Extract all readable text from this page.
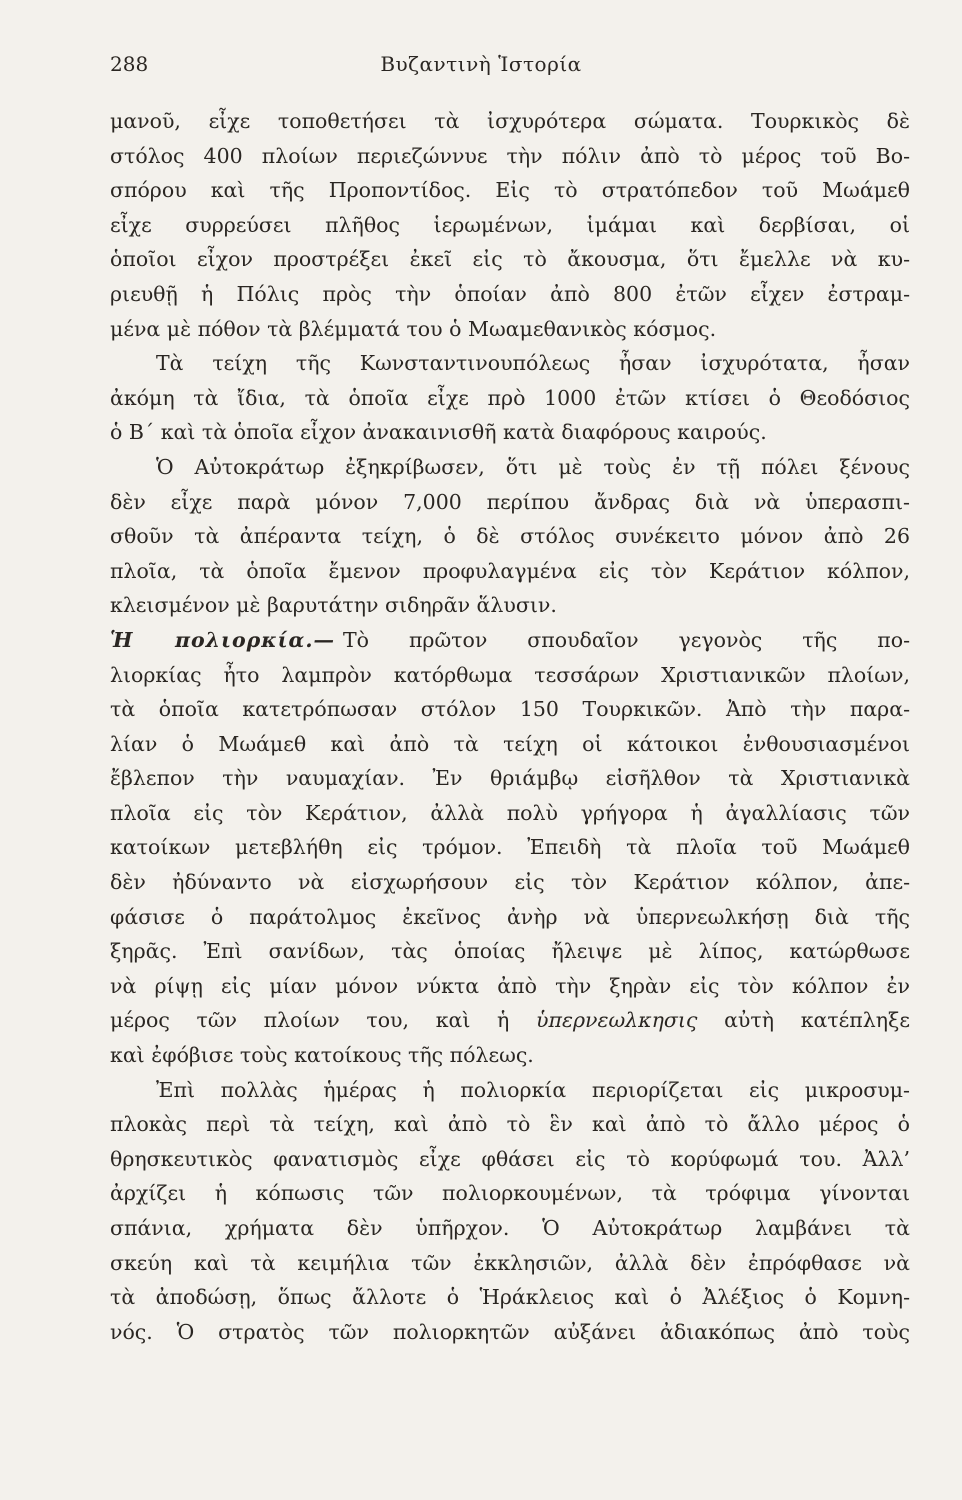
288	Βυζαντινὴ Ἱστορία
μανοῦ, εἶχε τοποθετήσει τὰ ἰσχυρότερα σώματα. Τουρκικὸς δὲ
στόλος 400 πλοίων περιεζώννυε τὴν πόλιν ἀπὸ τὸ μέρος τοῦ Βο-
σπόρου καὶ τῆς Προποντίδος. Εἰς τὸ στρατόπεδον τοῦ Μωάμεθ
εἶχε συρρεύσει πλῆθος ἱερωμένων, ἱμάμαι καὶ δερβίσαι, οἱ
ὁποῖοι εἶχον προστρέξει ἐκεῖ εἰς τὸ ἄκουσμα, ὅτι ἔμελλε νὰ κυ-
ριευθῇ ἡ Πόλις πρὸς τὴν ὁποίαν ἀπὸ 800 ἐτῶν εἶχεν ἐστραμ-
μένα μὲ πόθον τὰ βλέμματά του ὁ Μωαμεθανικὸς κόσμος.
Τὰ τείχη τῆς Κωνσταντινουπόλεως ἦσαν ἰσχυρότατα, ἦσαν
ἀκόμη τὰ ἴδια, τὰ ὁποῖα εἶχε πρὸ 1000 ἐτῶν κτίσει ὁ Θεοδόσιος
ὁ Β΄ καὶ τὰ ὁποῖα εἶχον ἀνακαινισθῆ κατὰ διαφόρους καιρούς.
Ὁ Αὐτοκράτωρ ἐξηκρίβωσεν, ὅτι μὲ τοὺς ἐν τῇ πόλει ξένους
δὲν εἶχε παρὰ μόνον 7,000 περίπου ἄνδρας διὰ νὰ ὑπερασπι-
σθοῦν τὰ ἀπέραντα τείχη, ὁ δὲ στόλος συνέκειτο μόνον ἀπὸ 26
πλοῖα, τὰ ὁποῖα ἔμενον προφυλαγμένα εἰς τὸν Κεράτιον κόλπον,
κλεισμένον μὲ βαρυτάτην σιδηρᾶν ἅλυσιν.
Ἡ πολιορκία.— Τὸ πρῶτον σπουδαῖον γεγονὸς τῆς πο-
λιορκίας ἦτο λαμπρὸν κατόρθωμα τεσσάρων Χριστιανικῶν πλοίων,
τὰ ὁποῖα κατετρόπωσαν στόλον 150 Τουρκικῶν. Ἀπὸ τὴν παρα-
λίαν ὁ Μωάμεθ καὶ ἀπὸ τὰ τείχη οἱ κάτοικοι ἐνθουσιασμένοι
ἔβλεπον τὴν ναυμαχίαν. Ἐν θριάμβῳ εἰσῆλθον τὰ Χριστιανικὰ
πλοῖα εἰς τὸν Κεράτιον, ἀλλὰ πολὺ γρήγορα ἡ ἀγαλλίασις τῶν
κατοίκων μετεβλήθη εἰς τρόμον. Ἐπειδὴ τὰ πλοῖα τοῦ Μωάμεθ
δὲν ἠδύναντο νὰ εἰσχωρήσουν εἰς τὸν Κεράτιον κόλπον, ἀπε-
φάσισε ὁ παράτολμος ἐκεῖνος ἀνὴρ νὰ ὑπερνεωλκήσῃ διὰ τῆς
ξηρᾶς. Ἐπὶ σανίδων, τὰς ὁποίας ἤλειψε μὲ λίπος, κατώρθωσε
νὰ ρίψῃ εἰς μίαν μόνον νύκτα ἀπὸ τὴν ξηρὰν εἰς τὸν κόλπον ἐν
μέρος τῶν πλοίων του, καὶ ἡ ὑπερνεωλκησις αὐτὴ κατέπληξε
καὶ ἐφόβισε τοὺς κατοίκους τῆς πόλεως.
Ἐπὶ πολλὰς ἡμέρας ἡ πολιορκία περιορίζεται εἰς μικροσυμ-
πλοκὰς περὶ τὰ τείχη, καὶ ἀπὸ τὸ ἓν καὶ ἀπὸ τὸ ἄλλο μέρος ὁ
θρησκευτικὸς φανατισμὸς εἶχε φθάσει εἰς τὸ κορύφωμά του. Ἀλλ’
ἀρχίζει ἡ κόπωσις τῶν πολιορκουμένων, τὰ τρόφιμα γίνονται
σπάνια, χρήματα δὲν ὑπῆρχον. Ὁ Αὐτοκράτωρ λαμβάνει τὰ
σκεύη καὶ τὰ κειμήλια τῶν ἐκκλησιῶν, ἀλλὰ δὲν ἐπρόφθασε νὰ
τὰ ἀποδώσῃ, ὅπως ἄλλοτε ὁ Ἡράκλειος καὶ ὁ Ἀλέξιος ὁ Κομνη-
νός. Ὁ στρατὸς τῶν πολιορκητῶν αὐξάνει ἀδιακόπως ἀπὸ τοὺς
